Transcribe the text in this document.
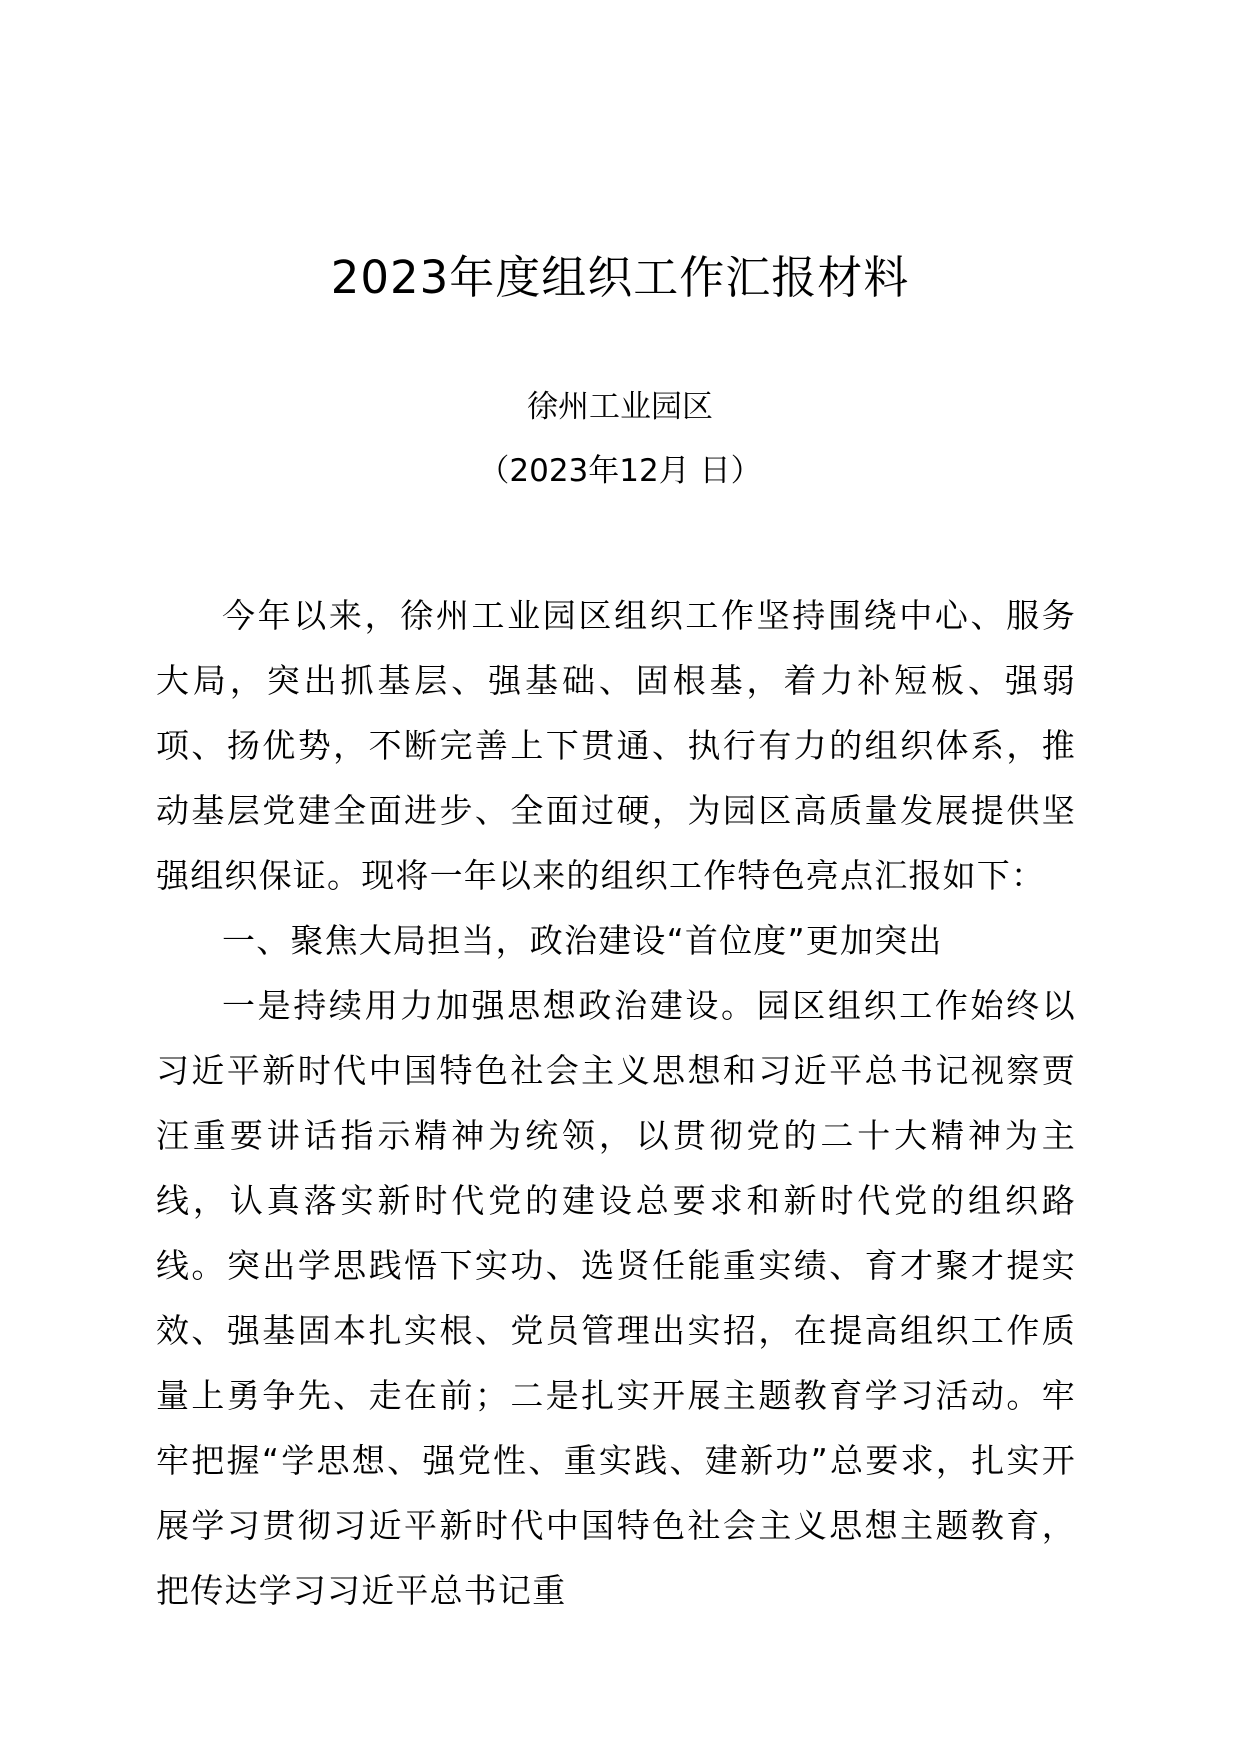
2023年度组织工作汇报材料
徐州工业园区
（2023年12月 日）

今年以来，徐州工业园区组织工作坚持围绕中心、服务大局，突出抓基层、强基础、固根基，着力补短板、强弱项、扬优势，不断完善上下贯通、执行有力的组织体系，推动基层党建全面进步、全面过硬，为园区高质量发展提供坚强组织保证。现将一年以来的组织工作特色亮点汇报如下：

一、聚焦大局担当，政治建设“首位度”更加突出

一是持续用力加强思想政治建设。园区组织工作始终以习近平新时代中国特色社会主义思想和习近平总书记视察贾汪重要讲话指示精神为统领，以贯彻党的二十大精神为主线，认真落实新时代党的建设总要求和新时代党的组织路线。突出学思践悟下实功、选贤任能重实绩、育才聚才提实效、强基固本扎实根、党员管理出实招，在提高组织工作质量上勇争先、走在前；二是扎实开展主题教育学习活动。牢牢把握“学思想、强党性、重实践、建新功”总要求，扎实开展学习贯彻习近平新时代中国特色社会主义思想主题教育，把传达学习习近平总书记重
